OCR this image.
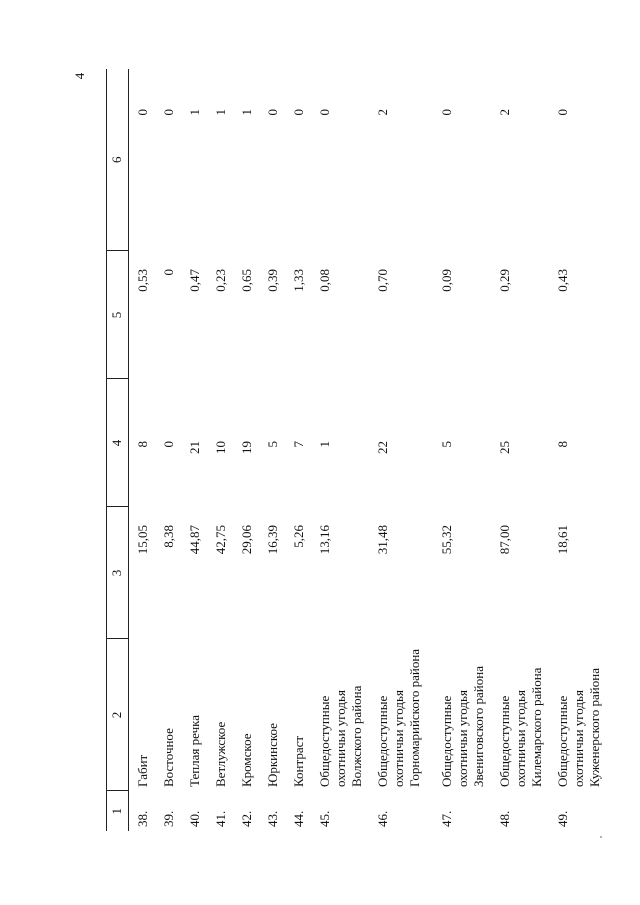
4
1	2	3	4	5	6
38.	Габит	15,05	8	0,53	0
39.	Восточное	8,38	0	0	0
40.	Теплая речка	44,87	21	0,47	1
41.	Ветлужское	42,75	10	0,23	1
42.	Кромское	29,06	19	0,65	1
43.	Юркинское	16,39	5	0,39	0
44.	Контраст	5,26	7	1,33	0
45.	Общедоступные охотничьи угодья Волжского района	13,16	1	0,08	0
46.	Общедоступные охотничьи угодья Горномарийского района	31,48	22	0,70	2
47.	Общедоступные охотничьи угодья Звениговского района	55,32	5	0,09	0
48.	Общедоступные охотничьи угодья Килемарского района	87,00	25	0,29	2
49.	Общедоступные охотничьи угодья Куженерского района	18,61	8	0,43	0
